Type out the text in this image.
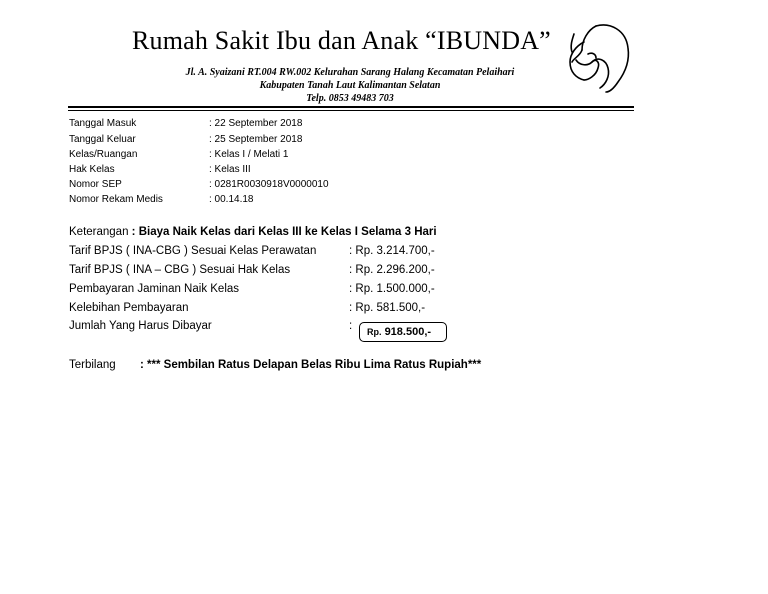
Rumah Sakit Ibu dan Anak “IBUNDA”
Jl. A. Syaizani RT.004 RW.002 Kelurahan Sarang Halang Kecamatan Pelaihari
Kabupaten Tanah Laut Kalimantan Selatan
Telp. 0853 49483 703
Tanggal Masuk	: 22 September 2018
Tanggal Keluar	: 25 September 2018
Kelas/Ruangan	: Kelas I / Melati 1
Hak Kelas	: Kelas III
Nomor SEP	: 0281R0030918V0000010
Nomor Rekam Medis	: 00.14.18
Keterangan : Biaya Naik Kelas dari Kelas III ke Kelas I Selama 3 Hari
Tarif BPJS ( INA-CBG ) Sesuai Kelas Perawatan	: Rp. 3.214.700,-
Tarif BPJS ( INA – CBG ) Sesuai Hak Kelas	: Rp. 2.296.200,-
Pembayaran Jaminan Naik Kelas	: Rp. 1.500.000,-
Kelebihan Pembayaran	: Rp. 581.500,-
Jumlah Yang Harus Dibayar	:	Rp. 918.500,-
Terbilang : *** Sembilan Ratus Delapan Belas Ribu Lima Ratus Rupiah***
